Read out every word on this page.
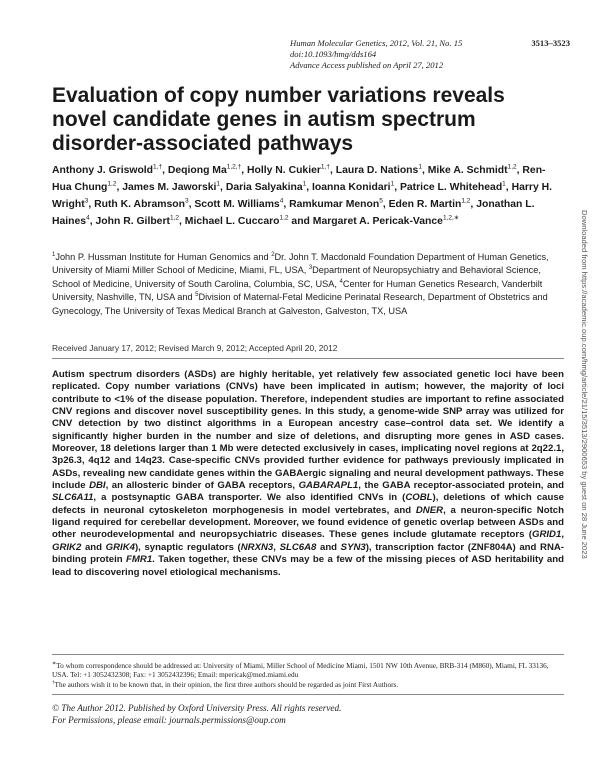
Human Molecular Genetics, 2012, Vol. 21, No. 15	3513–3523
doi:10.1093/hmg/dds164
Advance Access published on April 27, 2012
Evaluation of copy number variations reveals novel candidate genes in autism spectrum disorder-associated pathways
Anthony J. Griswold$^{1,\dagger}$, Deqiong $Ma^{1,2,\dagger}$, Holly N. Cukier$^{1,\dagger}$, Laura D. Nations$^1$, Mike A. Schmidt$^{1,2}$, Ren-Hua Chung$^{1,2}$, James M. Jaworski$^1$, Daria Salyakina$^1$, Ioanna Konidari$^1$, Patrice L. Whitehead$^1$, Harry H. Wright$^3$, Ruth K. Abramson$^3$, Scott M. Williams$^4$, Ramkumar Menon$^5$, Eden R. Martin$^{1,2}$, Jonathan L. Haines$^4$, John R. Gilbert$^{1,2}$, Michael L. Cuccaro$^{1,2}$ and Margaret A. Pericak-Vance$^{1,2,∗}$
$^1$John P. Hussman Institute for Human Genomics and $^2$Dr. John T. Macdonald Foundation Department of Human Genetics, University of Miami Miller School of Medicine, Miami, FL, USA, $^3$Department of Neuropsychiatry and Behavioral Science, School of Medicine, University of South Carolina, Columbia, SC, USA, $^4$Center for Human Genetics Research, Vanderbilt University, Nashville, TN, USA and $^5$Division of Maternal-Fetal Medicine Perinatal Research, Department of Obstetrics and Gynecology, The University of Texas Medical Branch at Galveston, Galveston, TX, USA
Received January 17, 2012; Revised March 9, 2012; Accepted April 20, 2012
Autism spectrum disorders (ASDs) are highly heritable, yet relatively few associated genetic loci have been replicated. Copy number variations (CNVs) have been implicated in autism; however, the majority of loci contribute to <1% of the disease population. Therefore, independent studies are important to refine associated CNV regions and discover novel susceptibility genes. In this study, a genome-wide SNP array was utilized for CNV detection by two distinct algorithms in a European ancestry case–control data set. We identify a significantly higher burden in the number and size of deletions, and disrupting more genes in ASD cases. Moreover, 18 deletions larger than 1 Mb were detected exclusively in cases, implicating novel regions at 2q22.1, 3p26.3, 4q12 and 14q23. Case-specific CNVs provided further evidence for pathways previously implicated in ASDs, revealing new candidate genes within the GABAergic signaling and neural development pathways. These include DBI, an allosteric binder of GABA receptors, GABARAPL1, the GABA receptor-associated protein, and SLC6A11, a postsynaptic GABA transporter. We also identified CNVs in (COBL), deletions of which cause defects in neuronal cytoskeleton morphogenesis in model vertebrates, and DNER, a neuron-specific Notch ligand required for cerebellar development. Moreover, we found evidence of genetic overlap between ASDs and other neurodevelopmental and neuropsychiatric diseases. These genes include glutamate receptors (GRID1, GRIK2 and GRIK4), synaptic regulators (NRXN3, SLC6A8 and SYN3), transcription factor (ZNF804A) and RNA-binding protein FMR1. Taken together, these CNVs may be a few of the missing pieces of ASD heritability and lead to discovering novel etiological mechanisms.
∗To whom correspondence should be addressed at: University of Miami, Miller School of Medicine Miami, 1501 NW 10th Avenue, BRB-314 (M860), Miami, FL 33136, USA. Tel: +1 3052432308; Fax: +1 3052432396; Email: mpericak@med.miami.edu
†The authors wish it to be known that, in their opinion, the first three authors should be regarded as joint First Authors.
© The Author 2012. Published by Oxford University Press. All rights reserved.
For Permissions, please email: journals.permissions@oup.com
Downloaded from https://academic.oup.com/hmg/article/21/15/3513/2900653 by guest on 28 June 2023
